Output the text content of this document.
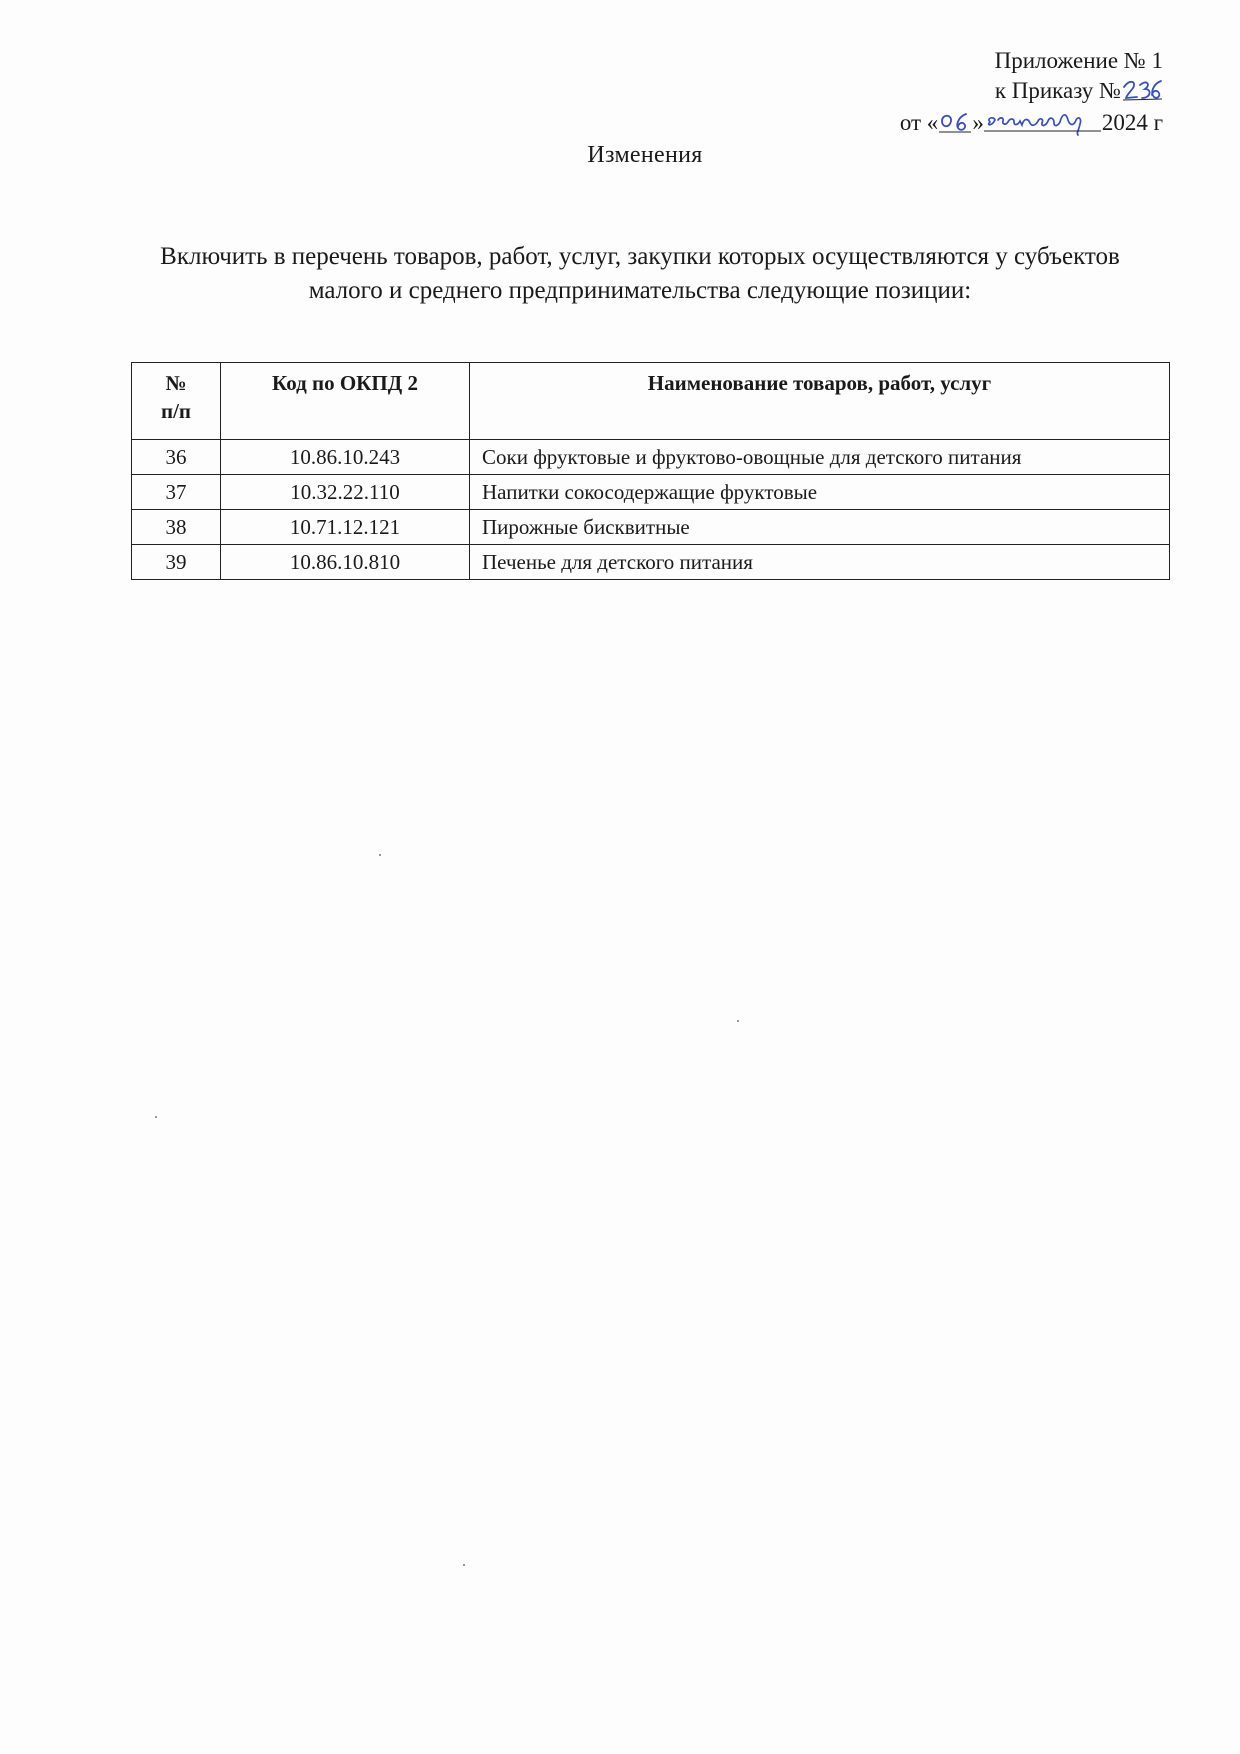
Приложение № 1
к Приказу №
от « »	2024 г
Изменения
Включить в перечень товаров, работ, услуг, закупки которых осуществляются у субъектов малого и среднего предпринимательства следующие позиции:
№
п/п	Код по ОКПД 2	Наименование товаров, работ, услуг
36	10.86.10.243	Соки фруктовые и фруктово-овощные для детского питания
37	10.32.22.110	Напитки сокосодержащие фруктовые
38	10.71.12.121	Пирожные бисквитные
39	10.86.10.810	Печенье для детского питания
